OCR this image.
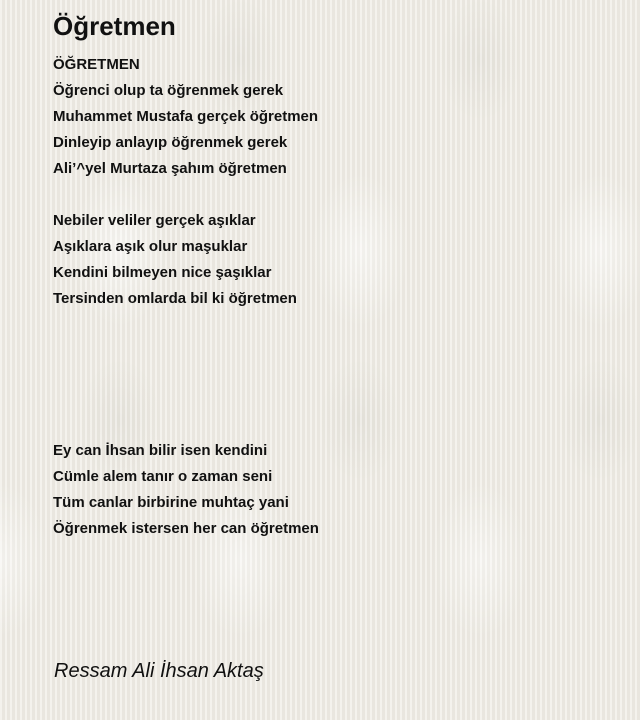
Öğretmen
ÖĞRETMEN
Öğrenci olup ta öğrenmek gerek
Muhammet Mustafa gerçek öğretmen
Dinleyip anlayıp öğrenmek gerek
Ali’^yel Murtaza şahım öğretmen
Nebiler veliler gerçek aşıklar
Aşıklara aşık olur maşuklar
Kendini bilmeyen nice şaşıklar
Tersinden omlarda bil ki öğretmen
Ey can İhsan bilir isen kendini
Cümle alem tanır o zaman seni
Tüm canlar birbirine muhtaç yani
Öğrenmek istersen her can öğretmen
Ressam Ali İhsan Aktaş
